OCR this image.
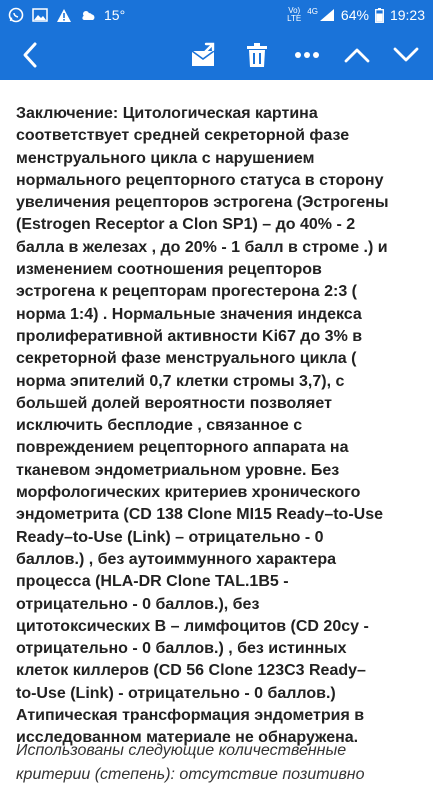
15°	Vo)
LTE
4G 64% 19:23

Заключение: Цитологическая картина
соответствует средней секреторной фазе
менструального цикла с нарушением
нормального рецепторного статуса в сторону
увеличения рецепторов эстрогена (Эстрогены
(Estrogen Receptor a Clon SP1) – до 40% - 2
балла в железах , до 20% - 1 балл в строме .) и
изменением соотношения рецепторов
эстрогена к рецепторам прогестерона 2:3 (
норма 1:4) . Нормальные значения индекса
пролиферативной активности Ki67 до 3% в
секреторной фазе менструального цикла (
норма эпителий 0,7 клетки стромы 3,7), с
большей долей вероятности позволяет
исключить бесплодие , связанное с
повреждением рецепторного аппарата на
тканевом эндометриальном уровне. Без
морфологических критериев хронического
эндометрита (CD 138 Clone MI15 Ready–to-Use
Ready–to-Use (Link) – отрицательно - 0
баллов.) , без аутоиммунного характера
процесса (HLA-DR Clone TAL.1B5 -
отрицательно - 0 баллов.), без
цитотоксических В – лимфоцитов (CD 20cy -
отрицательно - 0 баллов.) , без истинных
клеток киллеров (CD 56 Clone 123C3 Ready–
to-Use (Link) - отрицательно - 0 баллов.)
Атипическая трансформация эндометрия в
исследованном материале не обнаружена.

Использованы следующие количественные

критерии (степень): отсутствие позитивно
